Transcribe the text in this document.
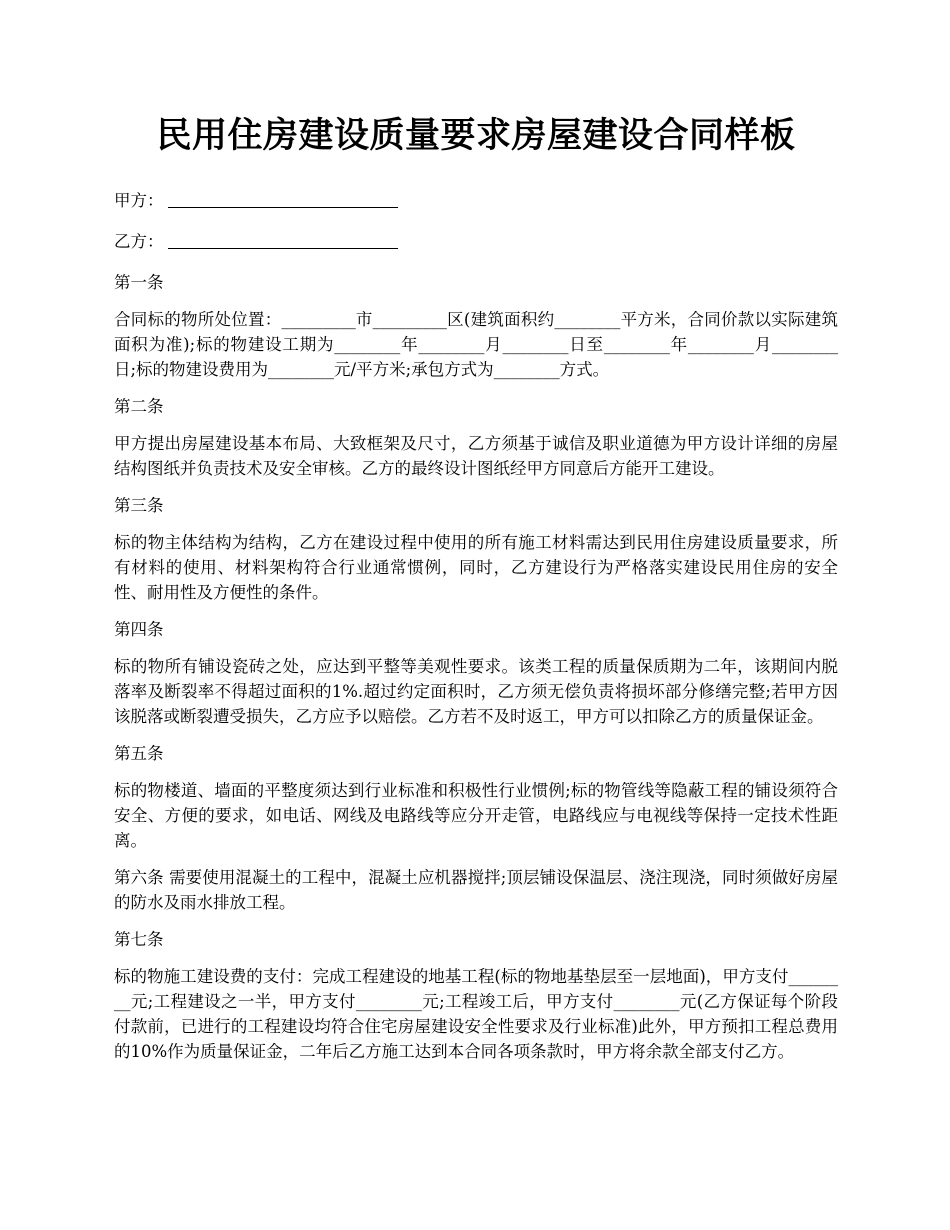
民用住房建设质量要求房屋建设合同样板
甲方：
乙方：
第一条
合同标的物所处位置：_________市_________区(建筑面积约________平方米，合同价款以实际建筑面积为准);标的物建设工期为________年________月________日至________年________月________日;标的物建设费用为________元/平方米;承包方式为________方式。
第二条
甲方提出房屋建设基本布局、大致框架及尺寸，乙方须基于诚信及职业道德为甲方设计详细的房屋结构图纸并负责技术及安全审核。乙方的最终设计图纸经甲方同意后方能开工建设。
第三条
标的物主体结构为结构，乙方在建设过程中使用的所有施工材料需达到民用住房建设质量要求，所有材料的使用、材料架构符合行业通常惯例，同时，乙方建设行为严格落实建设民用住房的安全性、耐用性及方便性的条件。
第四条
标的物所有铺设瓷砖之处，应达到平整等美观性要求。该类工程的质量保质期为二年，该期间内脱落率及断裂率不得超过面积的1%.超过约定面积时，乙方须无偿负责将损坏部分修缮完整;若甲方因该脱落或断裂遭受损失，乙方应予以赔偿。乙方若不及时返工，甲方可以扣除乙方的质量保证金。
第五条
标的物楼道、墙面的平整度须达到行业标准和积极性行业惯例;标的物管线等隐蔽工程的铺设须符合安全、方便的要求，如电话、网线及电路线等应分开走管，电路线应与电视线等保持一定技术性距离。
第六条 需要使用混凝土的工程中，混凝土应机器搅拌;顶层铺设保温层、浇注现浇，同时须做好房屋的防水及雨水排放工程。
第七条
标的物施工建设费的支付：完成工程建设的地基工程(标的物地基垫层至一层地面)，甲方支付________元;工程建设之一半，甲方支付________元;工程竣工后，甲方支付________元(乙方保证每个阶段付款前，已进行的工程建设均符合住宅房屋建设安全性要求及行业标准)此外，甲方预扣工程总费用的10%作为质量保证金，二年后乙方施工达到本合同各项条款时，甲方将余款全部支付乙方。
